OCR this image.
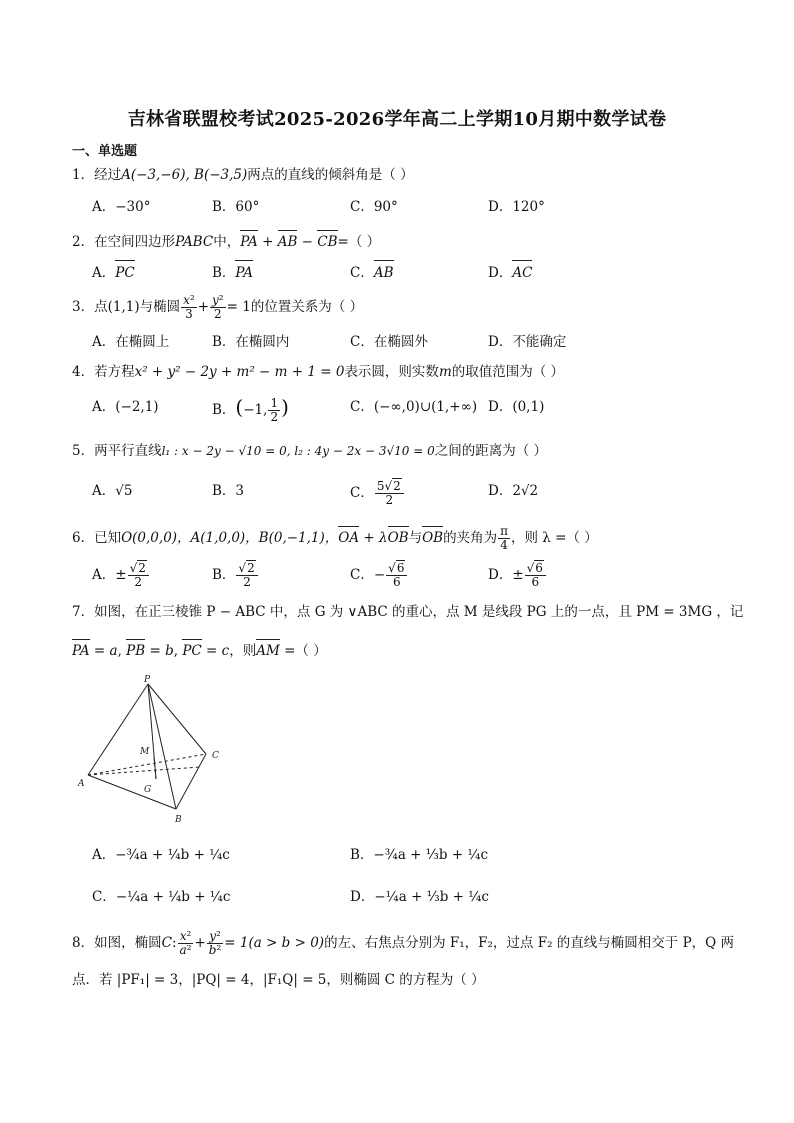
吉林省联盟校考试2025-2026学年高二上学期10月期中数学试卷
一、单选题
1．经过A(−3,−6), B(−3,5)两点的直线的倾斜角是（ ）
A．−30°	B．60°	C．90°	D．120°
2．在空间四边形PABC中，PA + AB − CB=（ ）
A．PC	B．PA	C．AB	D．AC
3．点(1,1)与椭圆 $\frac{\text{x²}}{3} + \frac{\text{y²}}{2} = 1$的位置关系为（ ）
A．在椭圆上	B．在椭圆内	C．在椭圆外	D．不能确定
4．若方程x² + y² − 2y + m² − m + 1 = 0表示圆，则实数m的取值范围为（ ）
A．(−2,1)	B．(−1, $\frac{1}{2}$ )	C．(−∞,0)∪(1,+∞) D．(0,1)
5．两平行直线l₁ : x − 2y − √10 = 0, l₂ : 4y − 2x − 3√10 = 0之间的距离为（ ）
A．√5	B．3	C． $\frac{5√2}{2}$	D．2√2
6．已知O(0,0,0)，A(1,0,0)，B(0,−1,1)，OA + λOB与OB的夹角为 $\frac{\pi}{4}$ ，则 λ =（ ）
A．± $\frac{√2}{2}$	B． $\frac{√2}{2}$	C．− $\frac{√6}{6}$	D．± $\frac{√6}{6}$
7．如图，在正三棱锥 P − ABC 中，点 G 为 ∨ABC 的重心，点 M 是线段 PG 上的一点，且 PM = 3MG ，记
PA = a, PB = b, PC = c，则AM =（ ）
P
M	C
A
G
B
A．−¾a + ¼b + ¼c	B．−¾a + ⅓b + ¼c
C．−¼a + ¼b + ¼c	D．−¼a + ⅓b + ¼c
8．如图，椭圆C: $\frac{\text{x²}}{\text{a²}} + \frac{\text{y²}}{\text{b²}} = 1(a > b > 0)$的左、右焦点分别为 F₁，F₂，过点 F₂ 的直线与椭圆相交于 P，Q 两
点．若 |PF₁| = 3，|PQ| = 4，|F₁Q| = 5，则椭圆 C 的方程为（ ）
